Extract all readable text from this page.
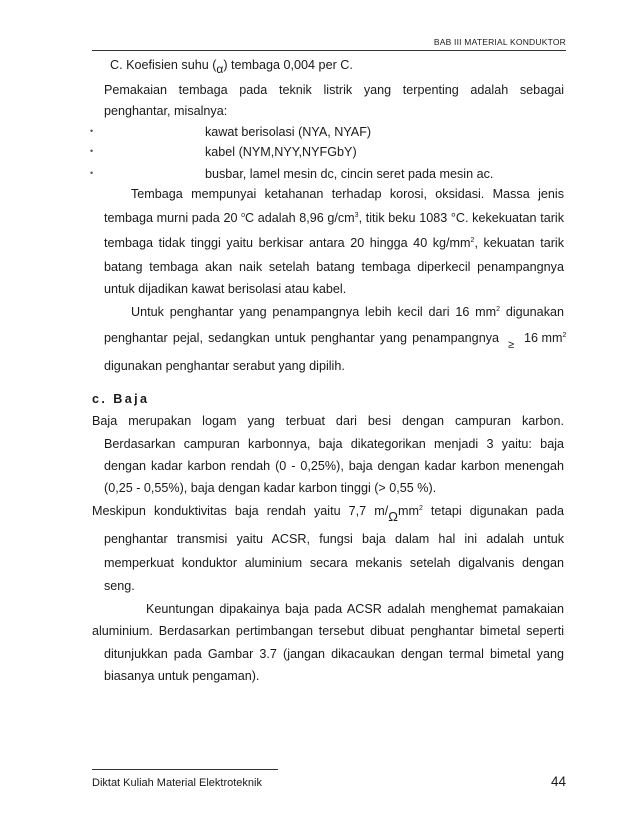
BAB III MATERIAL KONDUKTOR
C. Koefisien suhu (α) tembaga 0,004 per C.
Pemakaian tembaga pada teknik listrik yang terpenting adalah sebagai
penghantar, misalnya:
•	kawat berisolasi (NYA, NYAF)
•	kabel (NYM,NYY,NYFGbY)
•	busbar, lamel mesin dc, cincin seret pada mesin ac.
Tembaga mempunyai ketahanan terhadap korosi, oksidasi. Massa jenis
tembaga murni pada 20 $^o$C adalah 8,96 $g/cm^3$, titik beku 1083 °C. kekekuatan tarik
tembaga tidak tinggi yaitu berkisar antara 20 hingga 40 $kg/mm^2$, kekuatan tarik
batang tembaga akan naik setelah batang tembaga diperkecil penampangnya
untuk dijadikan kawat berisolasi atau kabel.
Untuk penghantar yang penampangnya lebih kecil dari 16 $mm^2$ digunakan
penghantar pejal, sedangkan untuk penghantar yang penampangnya ≥ 16 $mm^2$
digunakan penghantar serabut yang dipilih.
c. Baja
Baja merupakan logam yang terbuat dari besi dengan campuran karbon.
Berdasarkan campuran karbonnya, baja dikategorikan menjadi 3 yaitu: baja
dengan kadar karbon rendah (0 - 0,25%), baja dengan kadar karbon menengah
(0,25 - 0,55%), baja dengan kadar karbon tinggi (> 0,55 %).
Meskipun konduktivitas baja rendah yaitu 7,7 m/Ωmm$^2$ tetapi digunakan pada
penghantar transmisi yaitu ACSR, fungsi baja dalam hal ini adalah untuk
memperkuat konduktor aluminium secara mekanis setelah digalvanis dengan
seng.
Keuntungan dipakainya baja pada ACSR adalah menghemat pamakaian
aluminium. Berdasarkan pertimbangan tersebut dibuat penghantar bimetal seperti
ditunjukkan pada Gambar 3.7 (jangan dikacaukan dengan termal bimetal yang
biasanya untuk pengaman).
Diktat Kuliah Material Elektroteknik	44
